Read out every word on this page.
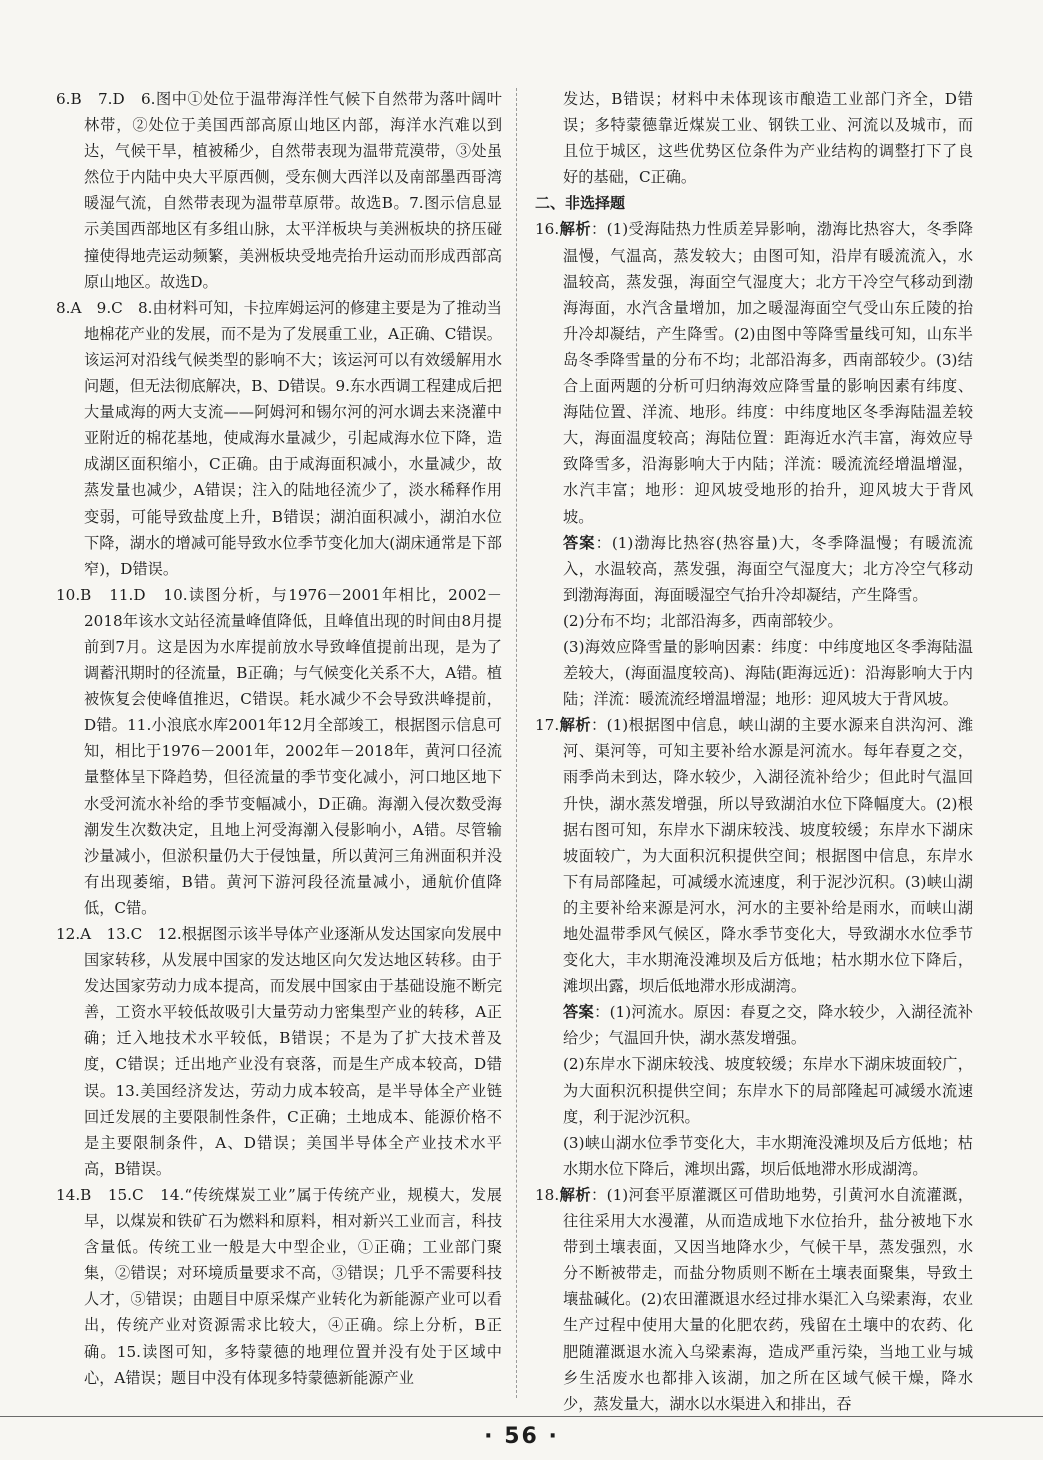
6.B　7.D　6.图中①处位于温带海洋性气候下自然带为落叶阔叶林带，②处位于美国西部高原山地区内部，海洋水汽难以到达，气候干旱，植被稀少，自然带表现为温带荒漠带，③处虽然位于内陆中央大平原西侧，受东侧大西洋以及南部墨西哥湾暖湿气流，自然带表现为温带草原带。故选B。7.图示信息显示美国西部地区有多组山脉，太平洋板块与美洲板块的挤压碰撞使得地壳运动频繁，美洲板块受地壳抬升运动而形成西部高原山地区。故选D。

8.A　9.C　8.由材料可知，卡拉库姆运河的修建主要是为了推动当地棉花产业的发展，而不是为了发展重工业，A正确、C错误。该运河对沿线气候类型的影响不大；该运河可以有效缓解用水问题，但无法彻底解决，B、D错误。9.东水西调工程建成后把大量咸海的两大支流——阿姆河和锡尔河的河水调去来浇灌中亚附近的棉花基地，使咸海水量减少，引起咸海水位下降，造成湖区面积缩小，C正确。由于咸海面积减小，水量减少，故蒸发量也减少，A错误；注入的陆地径流少了，淡水稀释作用变弱，可能导致盐度上升，B错误；湖泊面积减小，湖泊水位下降，湖水的增减可能导致水位季节变化加大(湖床通常是下部窄)，D错误。

10.B　11.D　10.读图分析，与1976－2001年相比，2002－2018年该水文站径流量峰值降低，且峰值出现的时间由8月提前到7月。这是因为水库提前放水导致峰值提前出现，是为了调蓄汛期时的径流量，B正确；与气候变化关系不大，A错。植被恢复会使峰值推迟，C错误。耗水减少不会导致洪峰提前，D错。11.小浪底水库2001年12月全部竣工，根据图示信息可知，相比于1976－2001年，2002年－2018年，黄河口径流量整体呈下降趋势，但径流量的季节变化减小，河口地区地下水受河流水补给的季节变幅减小，D正确。海潮入侵次数受海潮发生次数决定，且地上河受海潮入侵影响小，A错。尽管输沙量减小，但淤积量仍大于侵蚀量，所以黄河三角洲面积并没有出现萎缩，B错。黄河下游河段径流量减小，通航价值降低，C错。

12.A　13.C　12.根据图示该半导体产业逐渐从发达国家向发展中国家转移，从发展中国家的发达地区向欠发达地区转移。由于发达国家劳动力成本提高，而发展中国家由于基础设施不断完善，工资水平较低故吸引大量劳动力密集型产业的转移，A正确；迁入地技术水平较低，B错误；不是为了扩大技术普及度，C错误；迁出地产业没有衰落，而是生产成本较高，D错误。13.美国经济发达，劳动力成本较高，是半导体全产业链回迁发展的主要限制性条件，C正确；土地成本、能源价格不是主要限制条件，A、D错误；美国半导体全产业技术水平高，B错误。

14.B　15.C　14.“传统煤炭工业”属于传统产业，规模大，发展早，以煤炭和铁矿石为燃料和原料，相对新兴工业而言，科技含量低。传统工业一般是大中型企业，①正确；工业部门聚集，②错误；对环境质量要求不高，③错误；几乎不需要科技人才，⑤错误；由题目中原采煤产业转化为新能源产业可以看出，传统产业对资源需求比较大，④正确。综上分析，B正确。15.读图可知，多特蒙德的地理位置并没有处于区域中心，A错误；题目中没有体现多特蒙德新能源产业

发达，B错误；材料中未体现该市酿造工业部门齐全，D错误；多特蒙德靠近煤炭工业、钢铁工业、河流以及城市，而且位于城区，这些优势区位条件为产业结构的调整打下了良好的基础，C正确。

二、非选择题

16.解析：(1)受海陆热力性质差异影响，渤海比热容大，冬季降温慢，气温高，蒸发较大；由图可知，沿岸有暖流流入，水温较高，蒸发强，海面空气湿度大；北方干冷空气移动到渤海海面，水汽含量增加，加之暖湿海面空气受山东丘陵的抬升冷却凝结，产生降雪。(2)由图中等降雪量线可知，山东半岛冬季降雪量的分布不均；北部沿海多，西南部较少。(3)结合上面两题的分析可归纳海效应降雪量的影响因素有纬度、海陆位置、洋流、地形。纬度：中纬度地区冬季海陆温差较大，海面温度较高；海陆位置：距海近水汽丰富，海效应导致降雪多，沿海影响大于内陆；洋流：暖流流经增温增湿，水汽丰富；地形：迎风坡受地形的抬升，迎风坡大于背风坡。

答案：(1)渤海比热容(热容量)大，冬季降温慢；有暖流流入，水温较高，蒸发强，海面空气湿度大；北方冷空气移动到渤海海面，海面暖湿空气抬升冷却凝结，产生降雪。

(2)分布不均；北部沿海多，西南部较少。

(3)海效应降雪量的影响因素：纬度：中纬度地区冬季海陆温差较大，(海面温度较高)、海陆(距海远近)：沿海影响大于内陆；洋流：暖流流经增温增湿；地形：迎风坡大于背风坡。

17.解析：(1)根据图中信息，峡山湖的主要水源来自洪沟河、潍河、渠河等，可知主要补给水源是河流水。每年春夏之交，雨季尚未到达，降水较少，入湖径流补给少；但此时气温回升快，湖水蒸发增强，所以导致湖泊水位下降幅度大。(2)根据右图可知，东岸水下湖床较浅、坡度较缓；东岸水下湖床坡面较广，为大面积沉积提供空间；根据图中信息，东岸水下有局部隆起，可减缓水流速度，利于泥沙沉积。(3)峡山湖的主要补给来源是河水，河水的主要补给是雨水，而峡山湖地处温带季风气候区，降水季节变化大，导致湖水水位季节变化大，丰水期淹没滩坝及后方低地；枯水期水位下降后，滩坝出露，坝后低地滞水形成湖湾。

答案：(1)河流水。原因：春夏之交，降水较少，入湖径流补给少；气温回升快，湖水蒸发增强。

(2)东岸水下湖床较浅、坡度较缓；东岸水下湖床坡面较广，为大面积沉积提供空间；东岸水下的局部隆起可减缓水流速度，利于泥沙沉积。

(3)峡山湖水位季节变化大，丰水期淹没滩坝及后方低地；枯水期水位下降后，滩坝出露，坝后低地滞水形成湖湾。

18.解析：(1)河套平原灌溉区可借助地势，引黄河水自流灌溉，往往采用大水漫灌，从而造成地下水位抬升，盐分被地下水带到土壤表面，又因当地降水少，气候干旱，蒸发强烈，水分不断被带走，而盐分物质则不断在土壤表面聚集，导致土壤盐碱化。(2)农田灌溉退水经过排水渠汇入乌梁素海，农业生产过程中使用大量的化肥农药，残留在土壤中的农药、化肥随灌溉退水流入乌梁素海，造成严重污染，当地工业与城乡生活废水也都排入该湖，加之所在区域气候干燥，降水少，蒸发量大，湖水以水渠进入和排出，吞

· 56 ·
